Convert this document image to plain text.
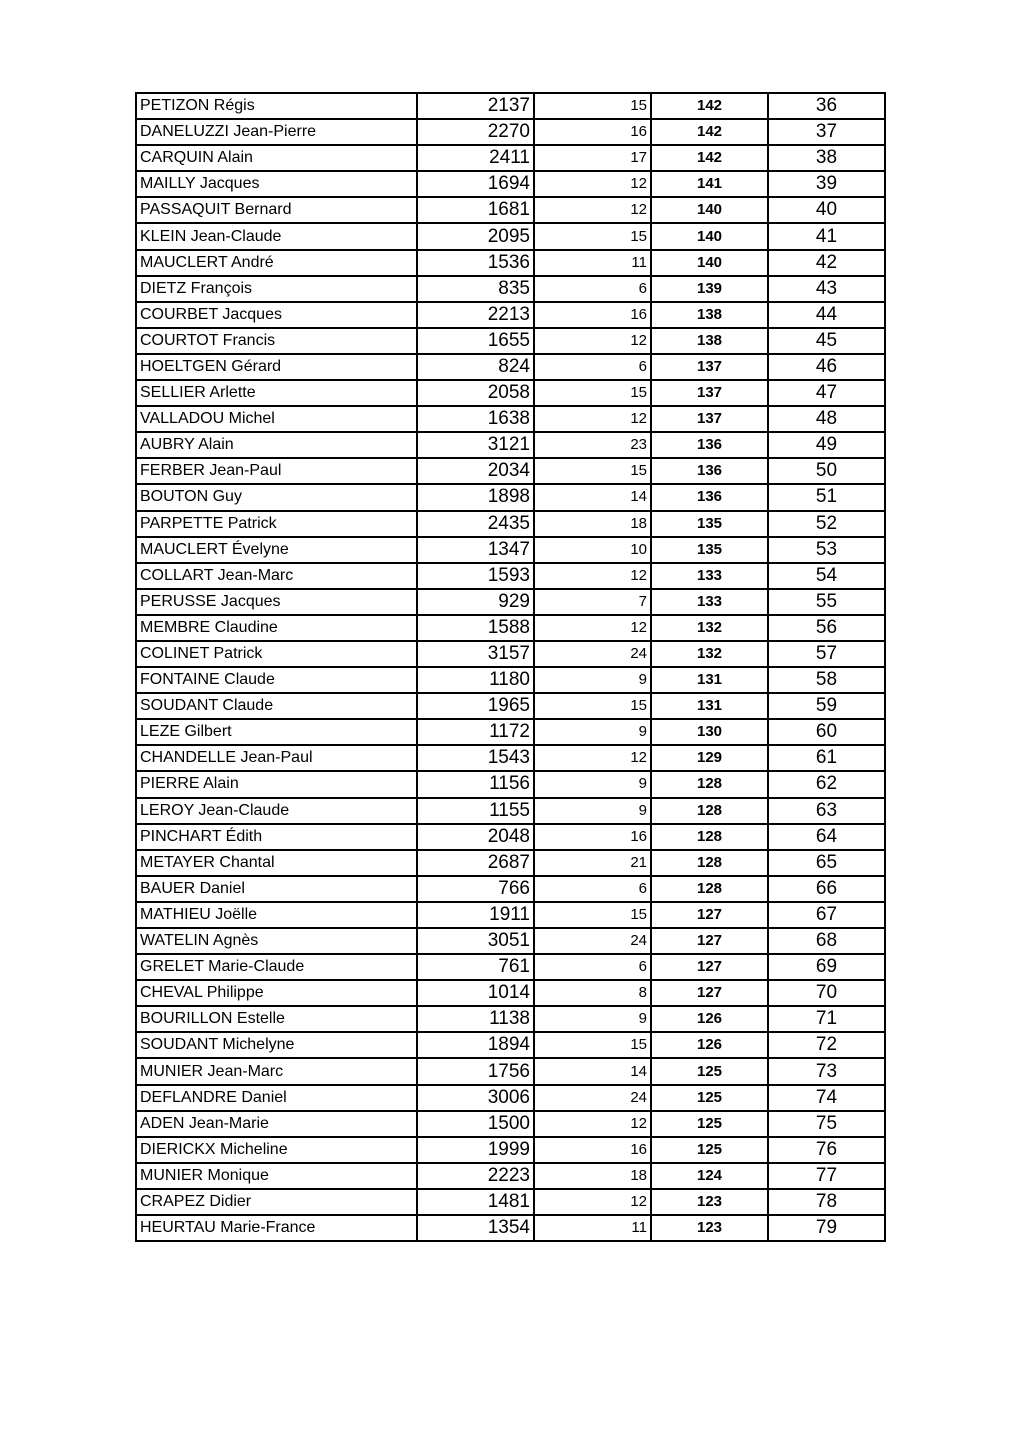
PETIZON Régis	2137	15	142	36
DANELUZZI Jean-Pierre	2270	16	142	37
CARQUIN Alain	2411	17	142	38
MAILLY Jacques	1694	12	141	39
PASSAQUIT Bernard	1681	12	140	40
KLEIN Jean-Claude	2095	15	140	41
MAUCLERT André	1536	11	140	42
DIETZ François	835	6	139	43
COURBET Jacques	2213	16	138	44
COURTOT Francis	1655	12	138	45
HOELTGEN Gérard	824	6	137	46
SELLIER Arlette	2058	15	137	47
VALLADOU Michel	1638	12	137	48
AUBRY Alain	3121	23	136	49
FERBER Jean-Paul	2034	15	136	50
BOUTON Guy	1898	14	136	51
PARPETTE Patrick	2435	18	135	52
MAUCLERT Évelyne	1347	10	135	53
COLLART Jean-Marc	1593	12	133	54
PERUSSE Jacques	929	7	133	55
MEMBRE Claudine	1588	12	132	56
COLINET Patrick	3157	24	132	57
FONTAINE Claude	1180	9	131	58
SOUDANT Claude	1965	15	131	59
LEZE Gilbert	1172	9	130	60
CHANDELLE Jean-Paul	1543	12	129	61
PIERRE Alain	1156	9	128	62
LEROY Jean-Claude	1155	9	128	63
PINCHART Édith	2048	16	128	64
METAYER Chantal	2687	21	128	65
BAUER Daniel	766	6	128	66
MATHIEU Joëlle	1911	15	127	67
WATELIN Agnès	3051	24	127	68
GRELET Marie-Claude	761	6	127	69
CHEVAL Philippe	1014	8	127	70
BOURILLON Estelle	1138	9	126	71
SOUDANT Michelyne	1894	15	126	72
MUNIER Jean-Marc	1756	14	125	73
DEFLANDRE Daniel	3006	24	125	74
ADEN Jean-Marie	1500	12	125	75
DIERICKX Micheline	1999	16	125	76
MUNIER Monique	2223	18	124	77
CRAPEZ Didier	1481	12	123	78
HEURTAU Marie-France	1354	11	123	79
